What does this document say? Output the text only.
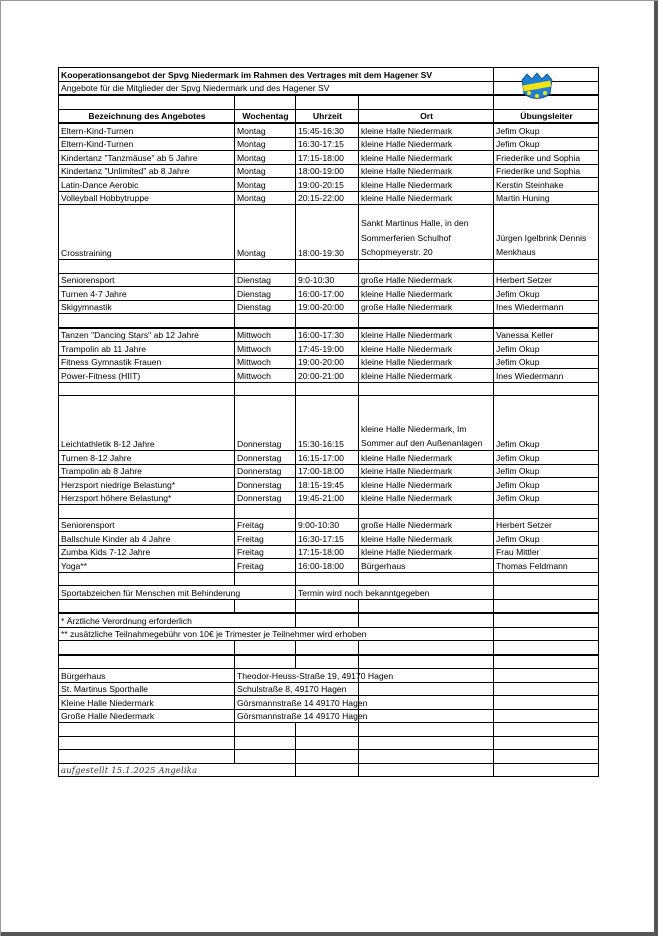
Kooperationsangebot der Spvg Niedermark im Rahmen des Vertrages mit dem Hagener SV				
Angebote für die Mitglieder der Spvg Niedermark und des Hagener SV				

Bezeichnung des Angebotes	Wochentag	Uhrzeit	Ort	Übungsleiter
Eltern-Kind-Turnen	Montag	15:45-16:30	kleine Halle Niedermark	Jefim Okup
Eltern-Kind-Turnen	Montag	16:30-17:15	kleine Halle Niedermark	Jefim Okup
Kindertanz "Tanzmäuse" ab 5 Jahre	Montag	17:15-18:00	kleine Halle Niedermark	Friederike und Sophia
Kindertanz "Unlimited" ab 8 Jahre	Montag	18:00-19:00	kleine Halle Niedermark	Friederike und Sophia
Latin-Dance Aerobic	Montag	19:00-20:15	kleine Halle Niedermark	Kerstin Steinhake
Volleyball Hobbytruppe	Montag	20:15-22:00	kleine Halle Niedermark	Martin Huning
Crosstraining	Montag	18:00-19:30	Sankt Martinus Halle, in den Sommerferien Schulhof Schopmeyerstr. 20	Jürgen Igelbrink Dennis Menkhaus

Seniorensport	Dienstag	9:0-10:30	große Halle Niedermark	Herbert Setzer
Turnen 4-7 Jahre	Dienstag	16:00-17:00	kleine Halle Niedermark	Jefim Okup
Skigymnastik	Dienstag	19:00-20:00	große Halle Niedermark	Ines Wiedermann

Tanzen "Dancing Stars" ab 12 Jahre	Mittwoch	16:00-17:30	kleine Halle Niedermark	Vanessa Keller
Trampolin ab 11 Jahre	Mittwoch	17:45-19:00	kleine Halle Niedermark	Jefim Okup
Fitness Gymnastik Frauen	Mittwoch	19:00-20:00	kleine Halle Niedermark	Jefim Okup
Power-Fitness (HIIT)	Mittwoch	20:00-21:00	kleine Halle Niedermark	Ines Wiedermann

Leichtathletik 8-12 Jahre	Donnerstag	15:30-16:15	kleine Halle Niedermark, Im Sommer auf den Außenanlagen	Jefim Okup
Turnen 8-12 Jahre	Donnerstag	16:15-17:00	kleine Halle Niedermark	Jefim Okup
Trampolin ab 8 Jahre	Donnerstag	17:00-18:00	kleine Halle Niedermark	Jefim Okup
Herzsport niedrige Belastung*	Donnerstag	18:15-19:45	kleine Halle Niedermark	Jefim Okup
Herzsport höhere Belastung*	Donnerstag	19:45-21:00	kleine Halle Niedermark	Jefim Okup

Seniorensport	Freitag	9:00-10:30	große Halle Niedermark	Herbert Setzer
Ballschule Kinder ab 4 Jahre	Freitag	16:30-17:15	kleine Halle Niedermark	Jefim Okup
Zumba Kids 7-12 Jahre	Freitag	17:15-18:00	kleine Halle Niedermark	Frau Mittler
Yoga**	Freitag	16:00-18:00	Bürgerhaus	Thomas Feldmann

Sportabzeichen für Menschen mit Behinderung		Termin wird noch bekanntgegeben		

* Ärztliche Verordnung erforderlich				
** zusätzliche Teilnahmegebühr von 10€ je Trimester je Teilnehmer wird erhoben				

Bürgerhaus	Theodor-Heuss-Straße 19, 49170 Hagen			
St. Martinus Sporthalle	Schulstraße 8, 49170 Hagen			
Kleine Halle Niedermark	Görsmannstraße 14 49170 Hagen			
Große Halle Niedermark	Görsmannstraße 14 49170 Hagen			

aufgestellt 15.1.2025 Angelika				
